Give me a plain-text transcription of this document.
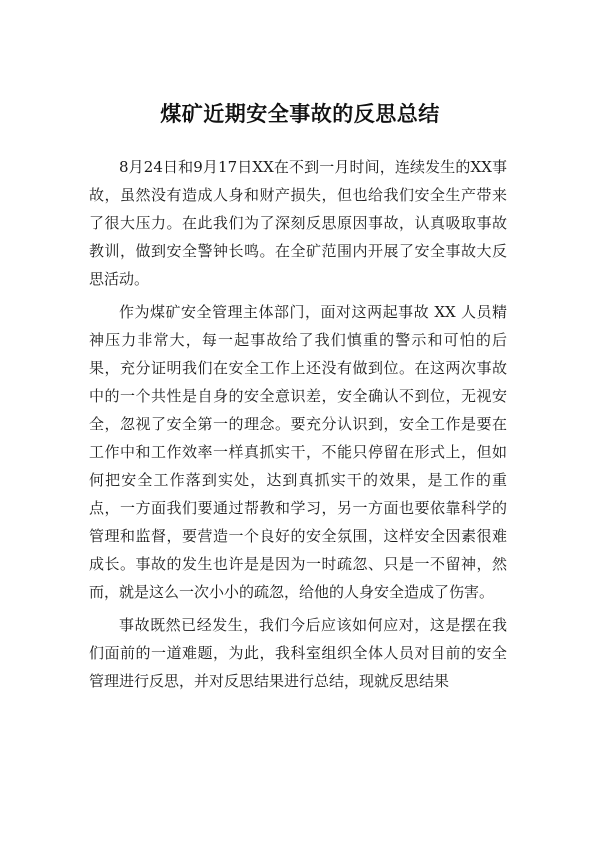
煤矿近期安全事故的反思总结

8月24日和9月17日XX在不到一月时间，连续发生的XX事故，虽然没有造成人身和财产损失，但也给我们安全生产带来了很大压力。在此我们为了深刻反思原因事故，认真吸取事故教训，做到安全警钟长鸣。在全矿范围内开展了安全事故大反思活动。

作为煤矿安全管理主体部门，面对这两起事故 XX 人员精神压力非常大，每一起事故给了我们慎重的警示和可怕的后果，充分证明我们在安全工作上还没有做到位。在这两次事故中的一个共性是自身的安全意识差，安全确认不到位，无视安全，忽视了安全第一的理念。要充分认识到，安全工作是要在工作中和工作效率一样真抓实干，不能只停留在形式上，但如何把安全工作落到实处，达到真抓实干的效果，是工作的重点，一方面我们要通过帮教和学习，另一方面也要依靠科学的管理和监督，要营造一个良好的安全氛围，这样安全因素很难成长。事故的发生也许是是因为一时疏忽、只是一不留神，然而，就是这么一次小小的疏忽，给他的人身安全造成了伤害。

事故既然已经发生，我们今后应该如何应对，这是摆在我们面前的一道难题，为此，我科室组织全体人员对目前的安全管理进行反思，并对反思结果进行总结，现就反思结果
